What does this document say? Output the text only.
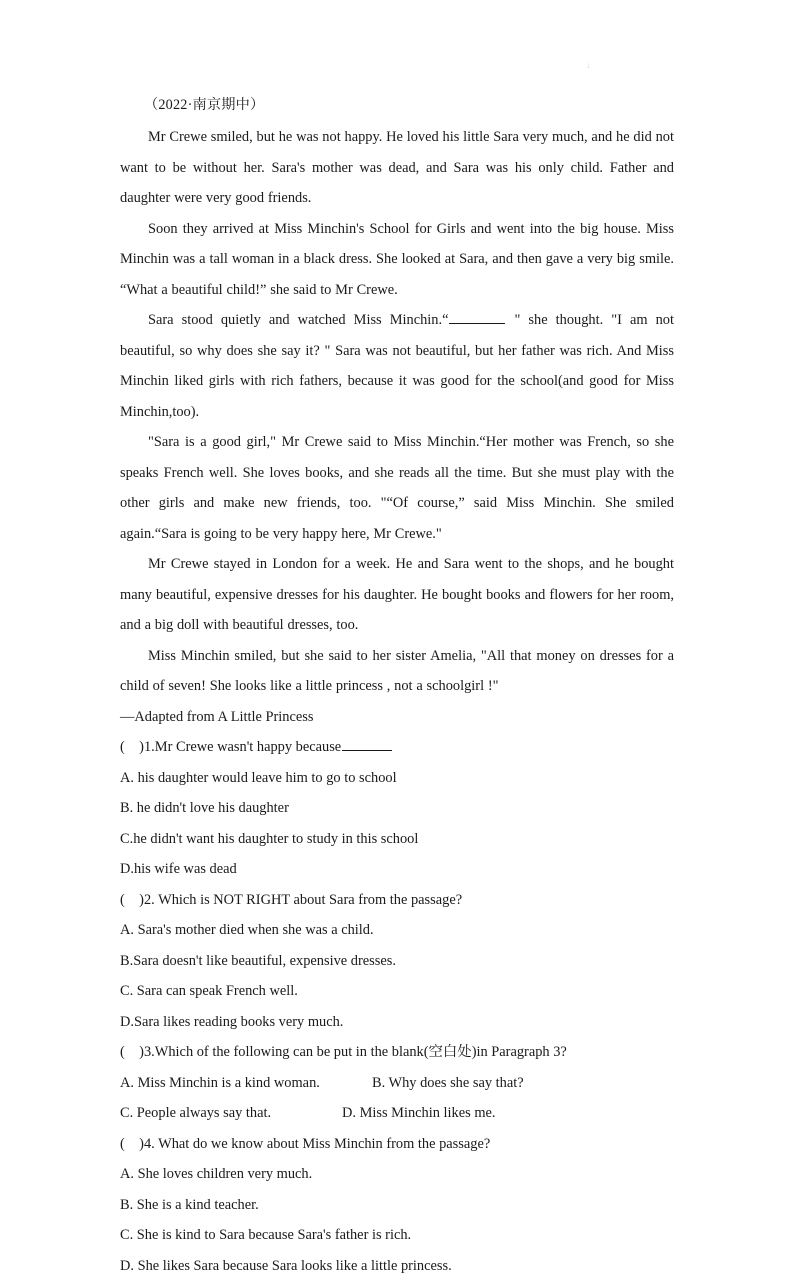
↓

（2022·南京期中）

Mr Crewe smiled, but he was not happy. He loved his little Sara very much, and he did not want to be without her. Sara's mother was dead, and Sara was his only child. Father and daughter were very good friends.

Soon they arrived at Miss Minchin's School for Girls and went into the big house. Miss Minchin was a tall woman in a black dress. She looked at Sara, and then gave a very big smile. “What a beautiful child!” she said to Mr Crewe.

Sara stood quietly and watched Miss Minchin.“	" she thought. "I am not beautiful, so why does she say it? " Sara was not beautiful, but her father was rich. And Miss Minchin liked girls with rich fathers, because it was good for the school(and good for Miss Minchin,too).

"Sara is a good girl," Mr Crewe said to Miss Minchin.“Her mother was French, so she speaks French well. She loves books, and she reads all the time. But she must play with the other girls and make new friends, too. "“Of course,” said Miss Minchin. She smiled again.“Sara is going to be very happy here, Mr Crewe."

Mr Crewe stayed in London for a week. He and Sara went to the shops, and he bought many beautiful, expensive dresses for his daughter. He bought books and flowers for her room, and a big doll with beautiful dresses, too.

Miss Minchin smiled, but she said to her sister Amelia, "All that money on dresses for a child of seven! She looks like a little princess , not a schoolgirl !"

—Adapted from A Little Princess

(    )1.Mr Crewe wasn't happy because

A. his daughter would leave him to go to school

B. he didn't love his daughter

C.he didn't want his daughter to study in this school

D.his wife was dead

(    )2. Which is NOT RIGHT about Sara from the passage?

A. Sara's mother died when she was a child.

B.Sara doesn't like beautiful, expensive dresses.

C. Sara can speak French well.

D.Sara likes reading books very much.

(    )3.Which of the following can be put in the blank(空白处)in Paragraph 3?

A. Miss Minchin is a kind woman.	B. Why does she say that?
C. People always say that.	D. Miss Minchin likes me.

(    )4. What do we know about Miss Minchin from the passage?

A. She loves children very much.

B. She is a kind teacher.

C. She is kind to Sara because Sara's father is rich.

D. She likes Sara because Sara looks like a little princess.
